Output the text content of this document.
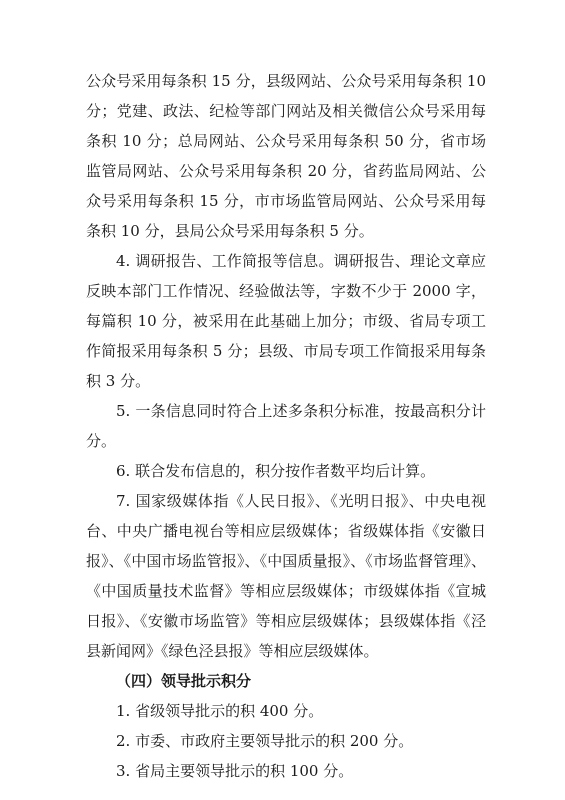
公众号采用每条积 15 分，县级网站、公众号采用每条积 10 分；党建、政法、纪检等部门网站及相关微信公众号采用每条积 10 分；总局网站、公众号采用每条积 50 分，省市场监管局网站、公众号采用每条积 20 分，省药监局网站、公众号采用每条积 15 分，市市场监管局网站、公众号采用每条积 10 分，县局公众号采用每条积 5 分。

4. 调研报告、工作简报等信息。调研报告、理论文章应反映本部门工作情况、经验做法等，字数不少于 2000 字，每篇积 10 分，被采用在此基础上加分；市级、省局专项工作简报采用每条积 5 分；县级、市局专项工作简报采用每条积 3 分。

5. 一条信息同时符合上述多条积分标准，按最高积分计分。

6. 联合发布信息的，积分按作者数平均后计算。

7. 国家级媒体指《人民日报》、《光明日报》、中央电视台、中央广播电视台等相应层级媒体；省级媒体指《安徽日报》、《中国市场监管报》、《中国质量报》、《市场监督管理》、《中国质量技术监督》等相应层级媒体；市级媒体指《宣城日报》、《安徽市场监管》等相应层级媒体；县级媒体指《泾县新闻网》《绿色泾县报》等相应层级媒体。

（四）领导批示积分

1. 省级领导批示的积 400 分。

2. 市委、市政府主要领导批示的积 200 分。

3. 省局主要领导批示的积 100 分。
